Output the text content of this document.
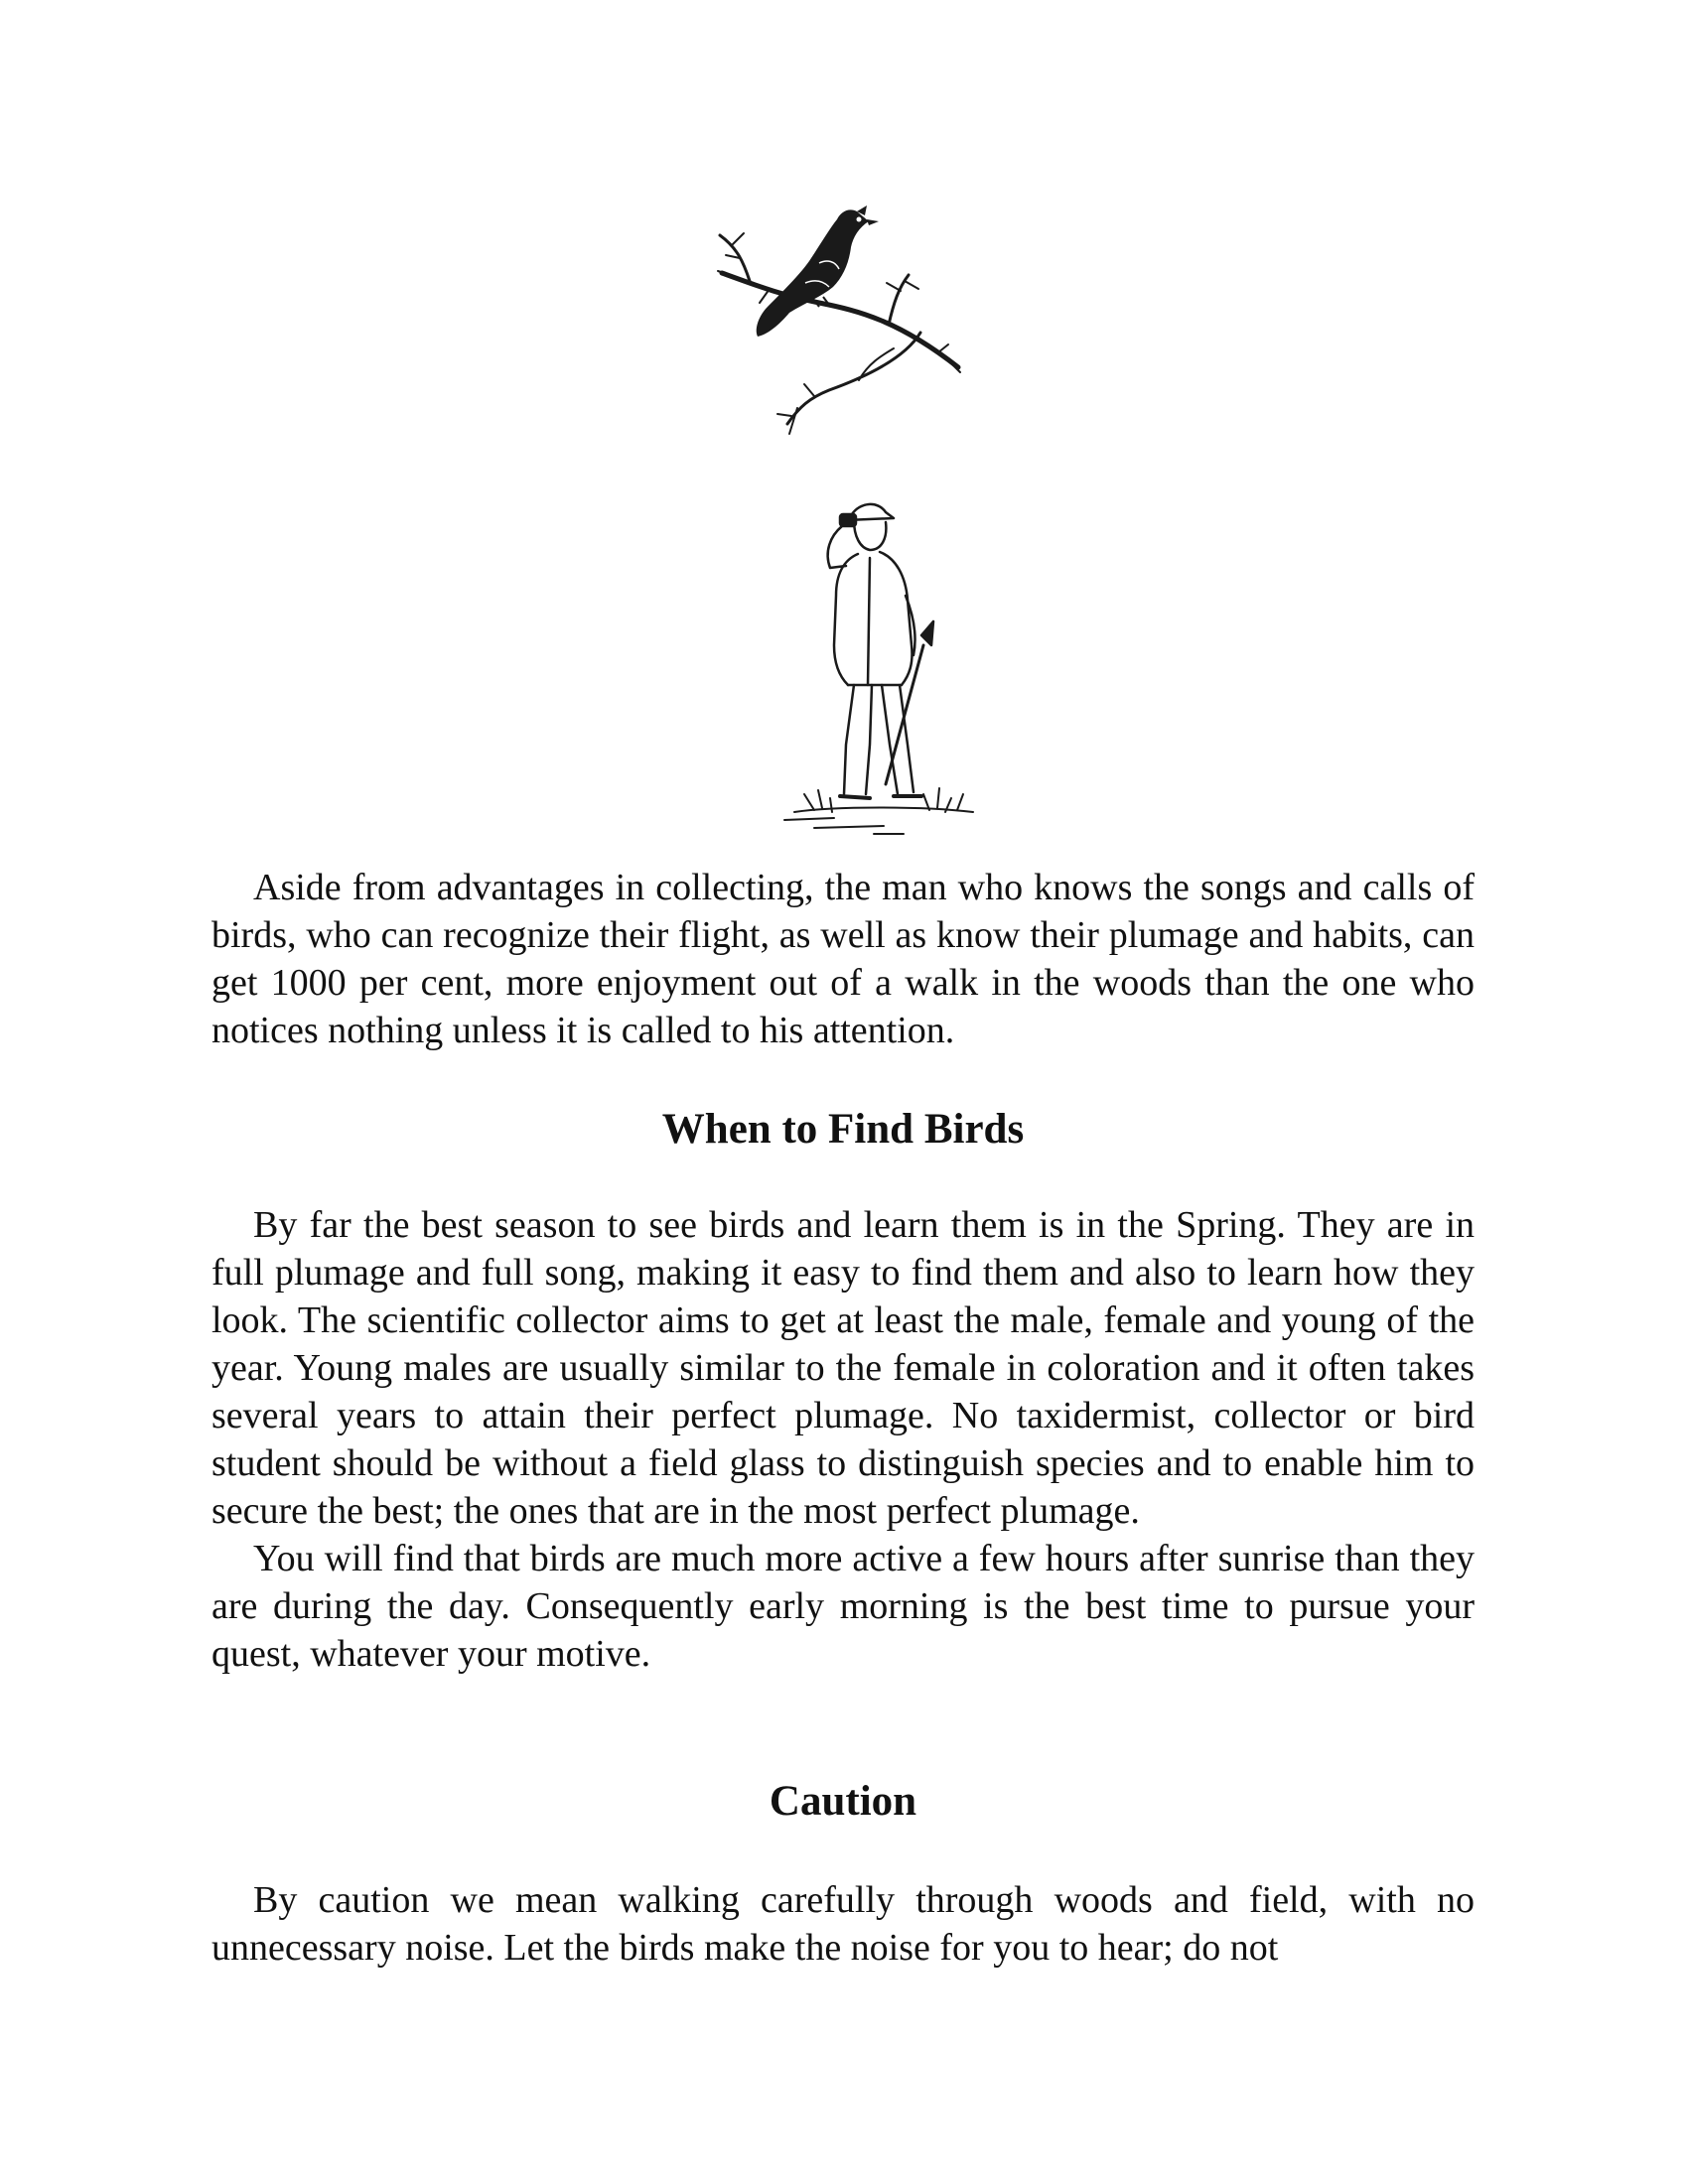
Aside from advantages in collecting, the man who knows the songs and calls of birds, who can recognize their flight, as well as know their plumage and habits, can get 1000 per cent, more enjoyment out of a walk in the woods than the one who notices nothing unless it is called to his attention.

When to Find Birds

By far the best season to see birds and learn them is in the Spring. They are in full plumage and full song, making it easy to find them and also to learn how they look. The scientific collector aims to get at least the male, female and young of the year. Young males are usually similar to the female in coloration and it often takes several years to attain their perfect plumage. No taxidermist, collector or bird student should be without a field glass to distinguish species and to enable him to secure the best; the ones that are in the most perfect plumage.

You will find that birds are much more active a few hours after sunrise than they are during the day. Consequently early morning is the best time to pursue your quest, whatever your motive.

Caution

By caution we mean walking carefully through woods and field, with no unnecessary noise. Let the birds make the noise for you to hear; do not
